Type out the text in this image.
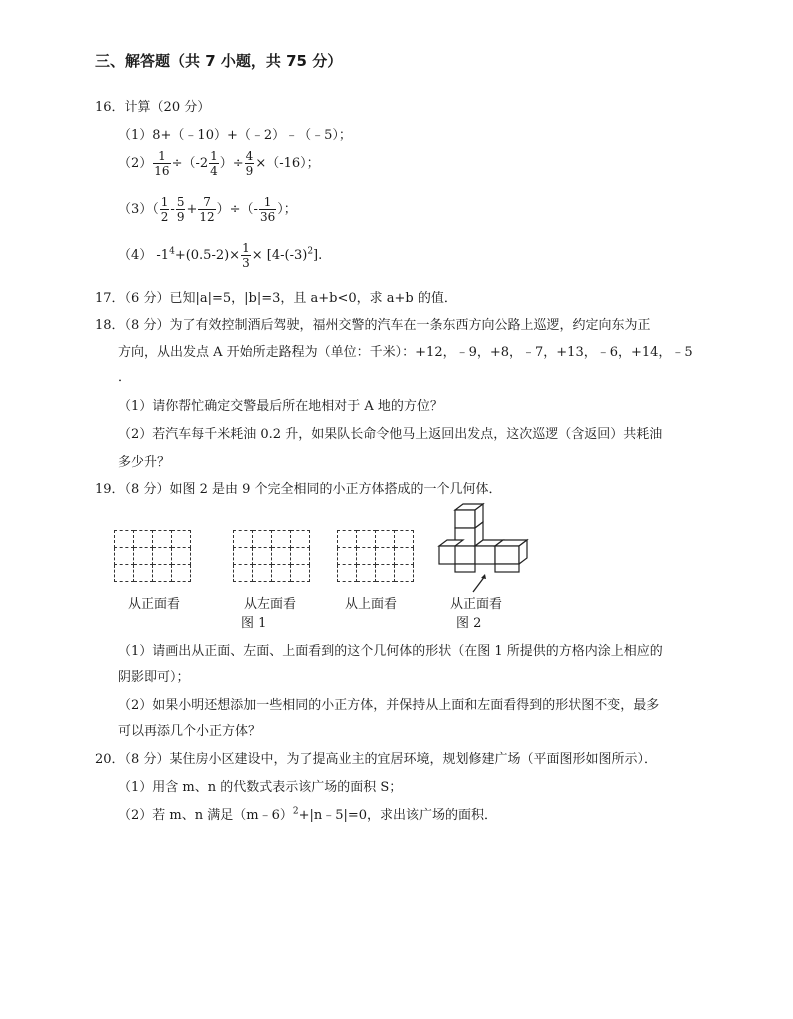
三、解答题（共 7 小题，共 75 分）
16．计算（20 分）
（1）8+（﹣10）+（﹣2）﹣（﹣5）；
$(2) \frac{1}{16} \div(-2 \frac{1}{4}$ ）÷ $\frac{4}{9} \times(-16)$；
$(3)( \frac{1}{2} - \frac{5}{9} + \frac{7}{12}$ ）÷（- $\frac{1}{36}$ ）；
（4） $-1^4+(0.5-2)\times \frac{1}{3} \times [4-(-3)^2]$.
17．（6 分）已知|a|=5，|b|=3，且 a+b<0，求 a+b 的值．
18．（8 分）为了有效控制酒后驾驶，福州交警的汽车在一条东西方向公路上巡逻，约定向东为正
方向，从出发点 A 开始所走路程为（单位：千米）：+12，﹣9，+8，﹣7，+13，﹣6，+14，﹣5
．
（1）请你帮忙确定交警最后所在地相对于 A 地的方位？
（2）若汽车每千米耗油 0.2 升，如果队长命令他马上返回出发点，这次巡逻（含返回）共耗油
多少升？
19．（8 分）如图 2 是由 9 个完全相同的小正方体搭成的一个几何体．

从正面看	从左面看	从上面看	从正面看
图 1	图 2
（1）请画出从正面、左面、上面看到的这个几何体的形状（在图 1 所提供的方格内涂上相应的
阴影即可）；
（2）如果小明还想添加一些相同的小正方体，并保持从上面和左面看得到的形状图不变，最多
可以再添几个小正方体？
20．（8 分）某住房小区建设中，为了提高业主的宜居环境，规划修建广场（平面图形如图所示）．
（1）用含 m、n 的代数式表示该广场的面积 S；
（2）若 m、n 满足（m﹣6）$^2$+|n﹣5|=0，求出该广场的面积．
